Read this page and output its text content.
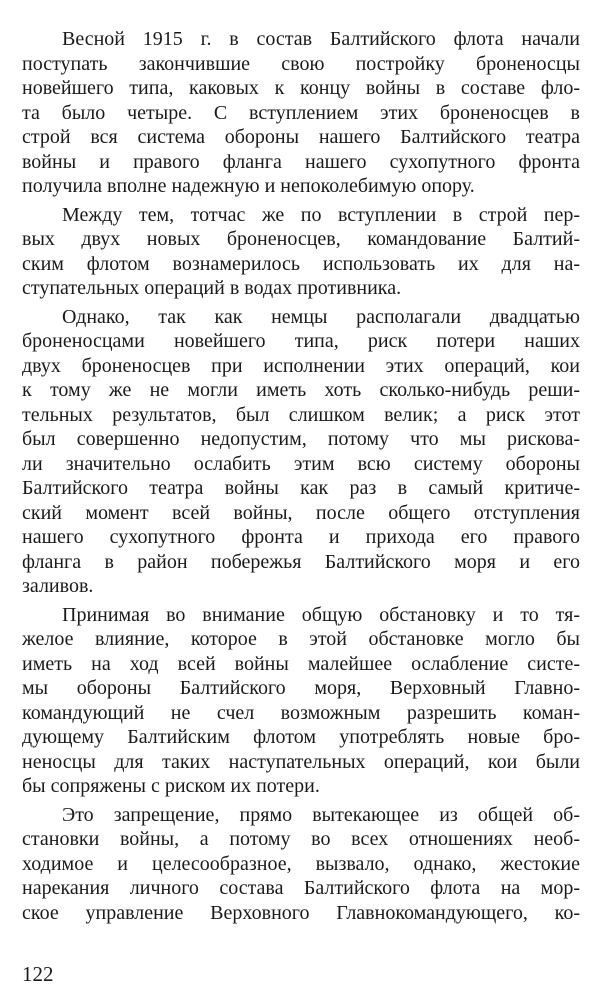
Весной 1915 г. в состав Балтийского флота начали
поступать закончившие свою постройку броненосцы
новейшего типа, каковых к концу войны в составе фло-
та было четыре. С вступлением этих броненосцев в
строй вся система обороны нашего Балтийского театра
войны и правого фланга нашего сухопутного фронта
получила вполне надежную и непоколебимую опору.
Между тем, тотчас же по вступлении в строй пер-
вых двух новых броненосцев, командование Балтий-
ским флотом вознамерилось использовать их для на-
ступательных операций в водах противника.
Однако, так как немцы располагали двадцатью
броненосцами новейшего типа, риск потери наших
двух броненосцев при исполнении этих операций, кои
к тому же не могли иметь хоть сколько-нибудь реши-
тельных результатов, был слишком велик; а риск этот
был совершенно недопустим, потому что мы рискова-
ли значительно ослабить этим всю систему обороны
Балтийского театра войны как раз в самый критиче-
ский момент всей войны, после общего отступления
нашего сухопутного фронта и прихода его правого
фланга в район побережья Балтийского моря и его
заливов.
Принимая во внимание общую обстановку и то тя-
желое влияние, которое в этой обстановке могло бы
иметь на ход всей войны малейшее ослабление систе-
мы обороны Балтийского моря, Верховный Главно-
командующий не счел возможным разрешить коман-
дующему Балтийским флотом употреблять новые бро-
неносцы для таких наступательных операций, кои были
бы сопряжены с риском их потери.
Это запрещение, прямо вытекающее из общей об-
становки войны, а потому во всех отношениях необ-
ходимое и целесообразное, вызвало, однако, жестокие
нарекания личного состава Балтийского флота на мор-
ское управление Верховного Главнокомандующего, ко-
122
